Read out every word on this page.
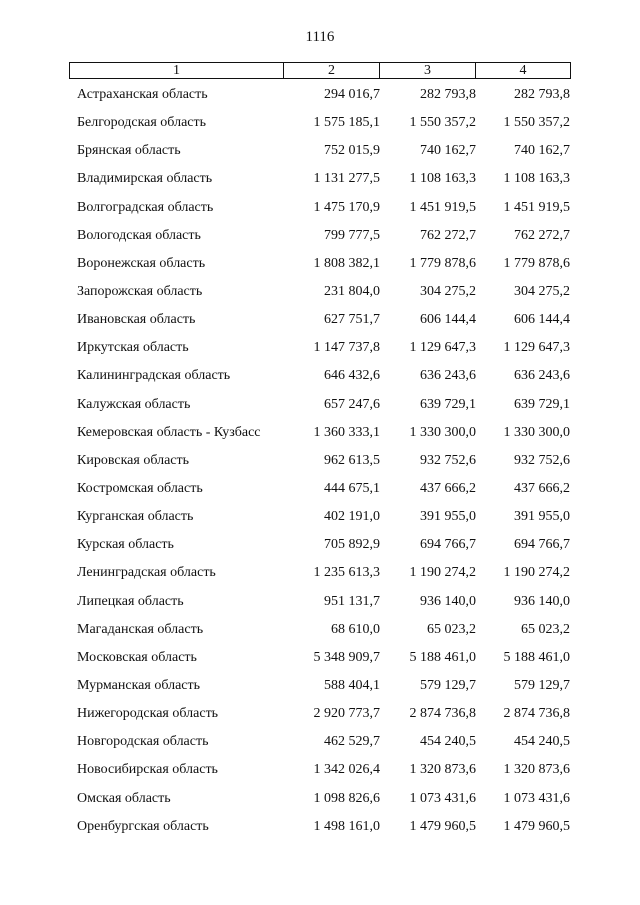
1116
1	2	3	4
Астраханская область	294 016,7	282 793,8	282 793,8
Белгородская область	1 575 185,1	1 550 357,2	1 550 357,2
Брянская область	752 015,9	740 162,7	740 162,7
Владимирская область	1 131 277,5	1 108 163,3	1 108 163,3
Волгоградская область	1 475 170,9	1 451 919,5	1 451 919,5
Вологодская область	799 777,5	762 272,7	762 272,7
Воронежская область	1 808 382,1	1 779 878,6	1 779 878,6
Запорожская область	231 804,0	304 275,2	304 275,2
Ивановская область	627 751,7	606 144,4	606 144,4
Иркутская область	1 147 737,8	1 129 647,3	1 129 647,3
Калининградская область	646 432,6	636 243,6	636 243,6
Калужская область	657 247,6	639 729,1	639 729,1
Кемеровская область - Кузбасс	1 360 333,1	1 330 300,0	1 330 300,0
Кировская область	962 613,5	932 752,6	932 752,6
Костромская область	444 675,1	437 666,2	437 666,2
Курганская область	402 191,0	391 955,0	391 955,0
Курская область	705 892,9	694 766,7	694 766,7
Ленинградская область	1 235 613,3	1 190 274,2	1 190 274,2
Липецкая область	951 131,7	936 140,0	936 140,0
Магаданская область	68 610,0	65 023,2	65 023,2
Московская область	5 348 909,7	5 188 461,0	5 188 461,0
Мурманская область	588 404,1	579 129,7	579 129,7
Нижегородская область	2 920 773,7	2 874 736,8	2 874 736,8
Новгородская область	462 529,7	454 240,5	454 240,5
Новосибирская область	1 342 026,4	1 320 873,6	1 320 873,6
Омская область	1 098 826,6	1 073 431,6	1 073 431,6
Оренбургская область	1 498 161,0	1 479 960,5	1 479 960,5
